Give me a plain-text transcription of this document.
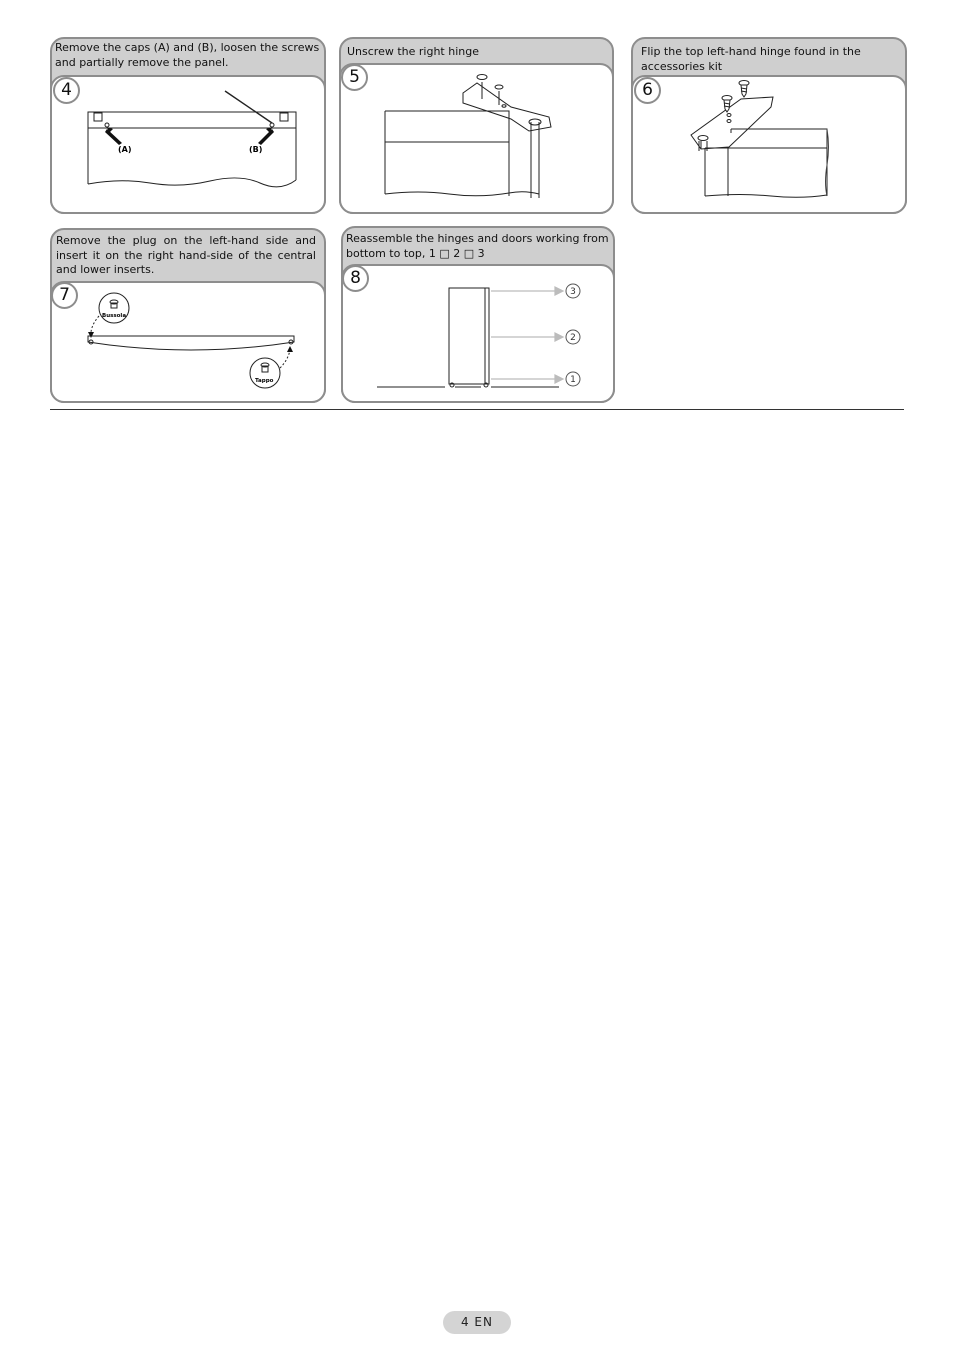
Remove the caps (A) and (B), loosen the screws and partially remove the panel.
4
(A)	(B)
Unscrew the right hinge
5
Flip the top left-hand hinge found in the accessories kit
6
Remove the plug on the left-hand side and insert it on the right hand-side of the central and lower inserts.
7
Bussola
Tappo
Reassemble the hinges and doors working from bottom to top, 1 □ 2 □ 3
8
3
2
1
4 EN
